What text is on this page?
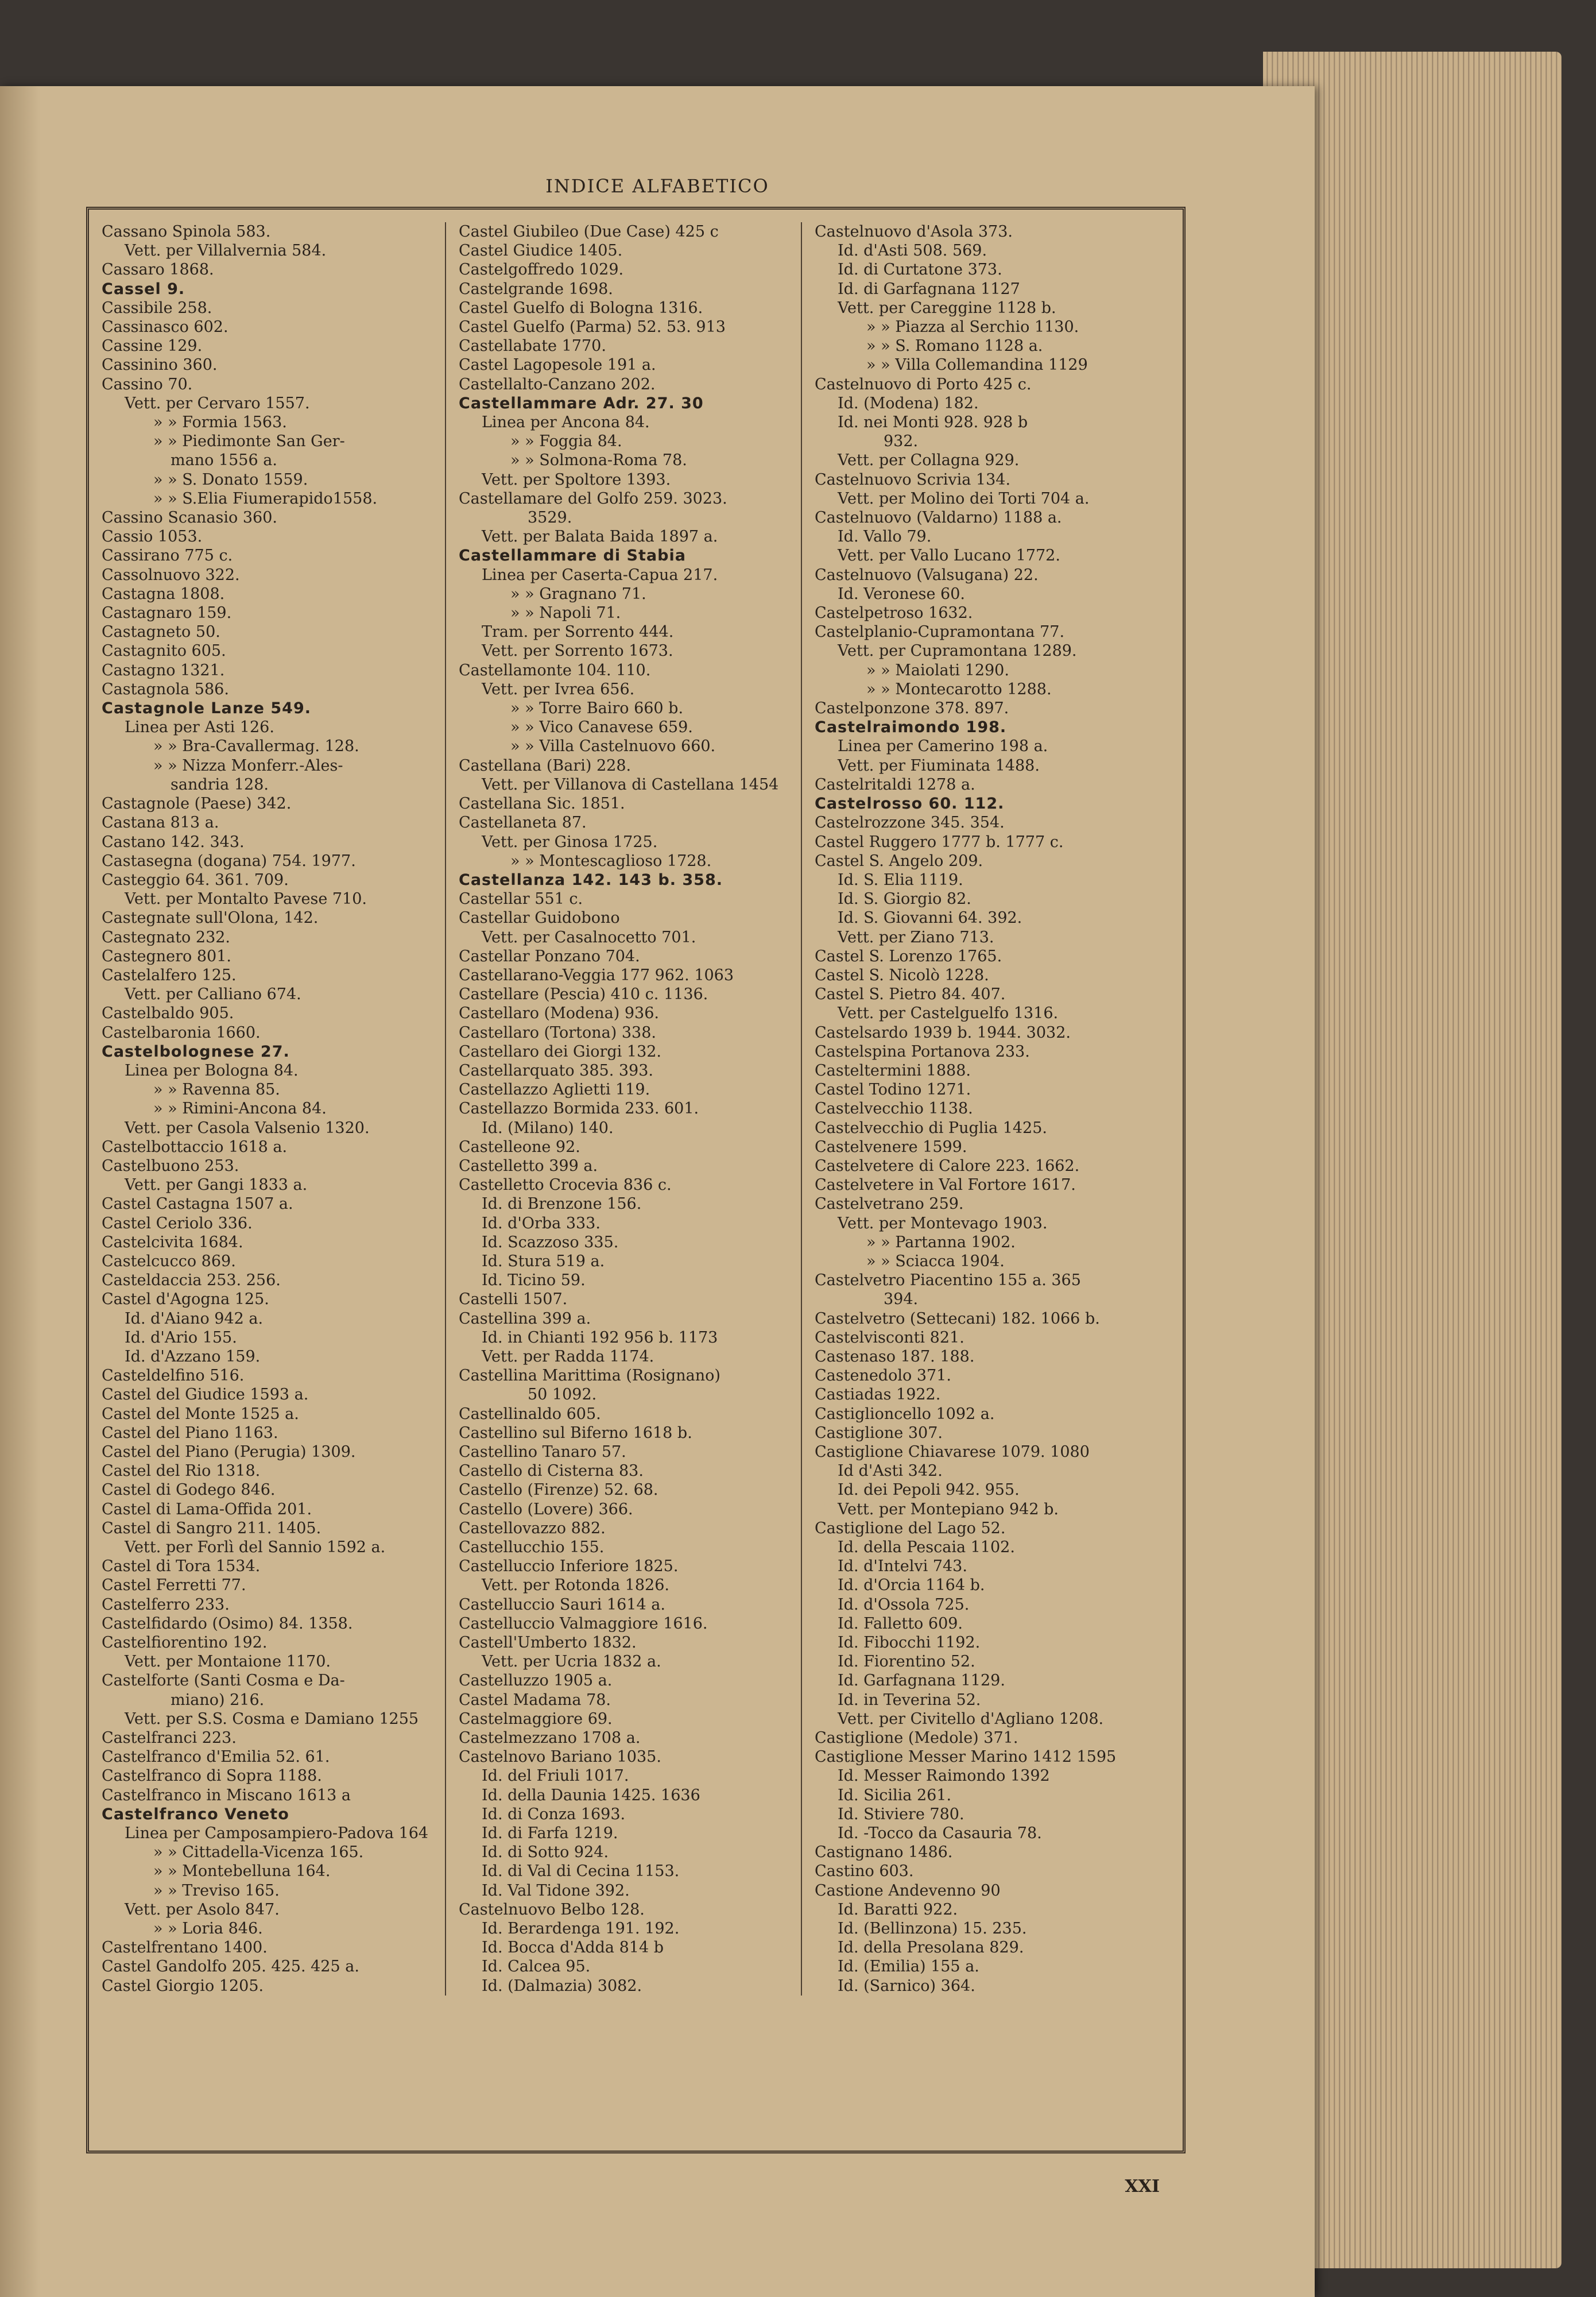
INDICE ALFABETICO
Cassano Spinola 583.
Vett. per Villalvernia 584.
Cassaro 1868.
Cassel 9.
Cassibile 258.
Cassinasco 602.
Cassine 129.
Cassinino 360.
Cassino 70.
Vett. per Cervaro 1557.
» » Formia 1563.
» » Piedimonte San Ger-
mano 1556 a.
» » S. Donato 1559.
» » S.Elia Fiumerapido1558.
Cassino Scanasio 360.
Cassio 1053.
Cassirano 775 c.
Cassolnuovo 322.
Castagna 1808.
Castagnaro 159.
Castagneto 50.
Castagnito 605.
Castagno 1321.
Castagnola 586.
Castagnole Lanze 549.
Linea per Asti 126.
» » Bra-Cavallermag. 128.
» » Nizza Monferr.-Ales-
sandria 128.
Castagnole (Paese) 342.
Castana 813 a.
Castano 142. 343.
Castasegna (dogana) 754. 1977.
Casteggio 64. 361. 709.
Vett. per Montalto Pavese 710.
Castegnate sull'Olona, 142.
Castegnato 232.
Castegnero 801.
Castelalfero 125.
Vett. per Calliano 674.
Castelbaldo 905.
Castelbaronia 1660.
Castelbolognese 27.
Linea per Bologna 84.
» » Ravenna 85.
» » Rimini-Ancona 84.
Vett. per Casola Valsenio 1320.
Castelbottaccio 1618 a.
Castelbuono 253.
Vett. per Gangi 1833 a.
Castel Castagna 1507 a.
Castel Ceriolo 336.
Castelcivita 1684.
Castelcucco 869.
Casteldaccia 253. 256.
Castel d'Agogna 125.
Id. d'Aiano 942 a.
Id. d'Ario 155.
Id. d'Azzano 159.
Casteldelfino 516.
Castel del Giudice 1593 a.
Castel del Monte 1525 a.
Castel del Piano 1163.
Castel del Piano (Perugia) 1309.
Castel del Rio 1318.
Castel di Godego 846.
Castel di Lama-Offida 201.
Castel di Sangro 211. 1405.
Vett. per Forlì del Sannio 1592 a.
Castel di Tora 1534.
Castel Ferretti 77.
Castelferro 233.
Castelfidardo (Osimo) 84. 1358.
Castelfiorentino 192.
Vett. per Montaione 1170.
Castelforte (Santi Cosma e Da-
miano) 216.
Vett. per S.S. Cosma e Damiano 1255
Castelfranci 223.
Castelfranco d'Emilia 52. 61.
Castelfranco di Sopra 1188.
Castelfranco in Miscano 1613 a
Castelfranco Veneto
Linea per Camposampiero-Padova 164
» » Cittadella-Vicenza 165.
» » Montebelluna 164.
» » Treviso 165.
Vett. per Asolo 847.
» » Loria 846.
Castelfrentano 1400.
Castel Gandolfo 205. 425. 425 a.
Castel Giorgio 1205.
Castel Giubileo (Due Case) 425 c
Castel Giudice 1405.
Castelgoffredo 1029.
Castelgrande 1698.
Castel Guelfo di Bologna 1316.
Castel Guelfo (Parma) 52. 53. 913
Castellabate 1770.
Castel Lagopesole 191 a.
Castellalto-Canzano 202.
Castellammare Adr. 27. 30
Linea per Ancona 84.
» » Foggia 84.
» » Solmona-Roma 78.
Vett. per Spoltore 1393.
Castellamare del Golfo 259. 3023.
3529.
Vett. per Balata Baida 1897 a.
Castellammare di Stabia
Linea per Caserta-Capua 217.
» » Gragnano 71.
» » Napoli 71.
Tram. per Sorrento 444.
Vett. per Sorrento 1673.
Castellamonte 104. 110.
Vett. per Ivrea 656.
» » Torre Bairo 660 b.
» » Vico Canavese 659.
» » Villa Castelnuovo 660.
Castellana (Bari) 228.
Vett. per Villanova di Castellana 1454
Castellana Sic. 1851.
Castellaneta 87.
Vett. per Ginosa 1725.
» » Montescaglioso 1728.
Castellanza 142. 143 b. 358.
Castellar 551 c.
Castellar Guidobono
Vett. per Casalnocetto 701.
Castellar Ponzano 704.
Castellarano-Veggia 177 962. 1063
Castellare (Pescia) 410 c. 1136.
Castellaro (Modena) 936.
Castellaro (Tortona) 338.
Castellaro dei Giorgi 132.
Castellarquato 385. 393.
Castellazzo Aglietti 119.
Castellazzo Bormida 233. 601.
Id. (Milano) 140.
Castelleone 92.
Castelletto 399 a.
Castelletto Crocevia 836 c.
Id. di Brenzone 156.
Id. d'Orba 333.
Id. Scazzoso 335.
Id. Stura 519 a.
Id. Ticino 59.
Castelli 1507.
Castellina 399 a.
Id. in Chianti 192 956 b. 1173
Vett. per Radda 1174.
Castellina Marittima (Rosignano)
50 1092.
Castellinaldo 605.
Castellino sul Biferno 1618 b.
Castellino Tanaro 57.
Castello di Cisterna 83.
Castello (Firenze) 52. 68.
Castello (Lovere) 366.
Castellovazzo 882.
Castellucchio 155.
Castelluccio Inferiore 1825.
Vett. per Rotonda 1826.
Castelluccio Sauri 1614 a.
Castelluccio Valmaggiore 1616.
Castell'Umberto 1832.
Vett. per Ucria 1832 a.
Castelluzzo 1905 a.
Castel Madama 78.
Castelmaggiore 69.
Castelmezzano 1708 a.
Castelnovo Bariano 1035.
Id. del Friuli 1017.
Id. della Daunia 1425. 1636
Id. di Conza 1693.
Id. di Farfa 1219.
Id. di Sotto 924.
Id. di Val di Cecina 1153.
Id. Val Tidone 392.
Castelnuovo Belbo 128.
Id. Berardenga 191. 192.
Id. Bocca d'Adda 814 b
Id. Calcea 95.
Id. (Dalmazia) 3082.
Castelnuovo d'Asola 373.
Id. d'Asti 508. 569.
Id. di Curtatone 373.
Id. di Garfagnana 1127
Vett. per Careggine 1128 b.
» » Piazza al Serchio 1130.
» » S. Romano 1128 a.
» » Villa Collemandina 1129
Castelnuovo di Porto 425 c.
Id. (Modena) 182.
Id. nei Monti 928. 928 b
932.
Vett. per Collagna 929.
Castelnuovo Scrivia 134.
Vett. per Molino dei Torti 704 a.
Castelnuovo (Valdarno) 1188 a.
Id. Vallo 79.
Vett. per Vallo Lucano 1772.
Castelnuovo (Valsugana) 22.
Id. Veronese 60.
Castelpetroso 1632.
Castelplanio-Cupramontana 77.
Vett. per Cupramontana 1289.
» » Maiolati 1290.
» » Montecarotto 1288.
Castelponzone 378. 897.
Castelraimondo 198.
Linea per Camerino 198 a.
Vett. per Fiuminata 1488.
Castelritaldi 1278 a.
Castelrosso 60. 112.
Castelrozzone 345. 354.
Castel Ruggero 1777 b. 1777 c.
Castel S. Angelo 209.
Id. S. Elia 1119.
Id. S. Giorgio 82.
Id. S. Giovanni 64. 392.
Vett. per Ziano 713.
Castel S. Lorenzo 1765.
Castel S. Nicolò 1228.
Castel S. Pietro 84. 407.
Vett. per Castelguelfo 1316.
Castelsardo 1939 b. 1944. 3032.
Castelspina Portanova 233.
Casteltermini 1888.
Castel Todino 1271.
Castelvecchio 1138.
Castelvecchio di Puglia 1425.
Castelvenere 1599.
Castelvetere di Calore 223. 1662.
Castelvetere in Val Fortore 1617.
Castelvetrano 259.
Vett. per Montevago 1903.
» » Partanna 1902.
» » Sciacca 1904.
Castelvetro Piacentino 155 a. 365
394.
Castelvetro (Settecani) 182. 1066 b.
Castelvisconti 821.
Castenaso 187. 188.
Castenedolo 371.
Castiadas 1922.
Castiglioncello 1092 a.
Castiglione 307.
Castiglione Chiavarese 1079. 1080
Id d'Asti 342.
Id. dei Pepoli 942. 955.
Vett. per Montepiano 942 b.
Castiglione del Lago 52.
Id. della Pescaia 1102.
Id. d'Intelvi 743.
Id. d'Orcia 1164 b.
Id. d'Ossola 725.
Id. Falletto 609.
Id. Fibocchi 1192.
Id. Fiorentino 52.
Id. Garfagnana 1129.
Id. in Teverina 52.
Vett. per Civitello d'Agliano 1208.
Castiglione (Medole) 371.
Castiglione Messer Marino 1412 1595
Id. Messer Raimondo 1392
Id. Sicilia 261.
Id. Stiviere 780.
Id. -Tocco da Casauria 78.
Castignano 1486.
Castino 603.
Castione Andevenno 90
Id. Baratti 922.
Id. (Bellinzona) 15. 235.
Id. della Presolana 829.
Id. (Emilia) 155 a.
Id. (Sarnico) 364.
XXI
